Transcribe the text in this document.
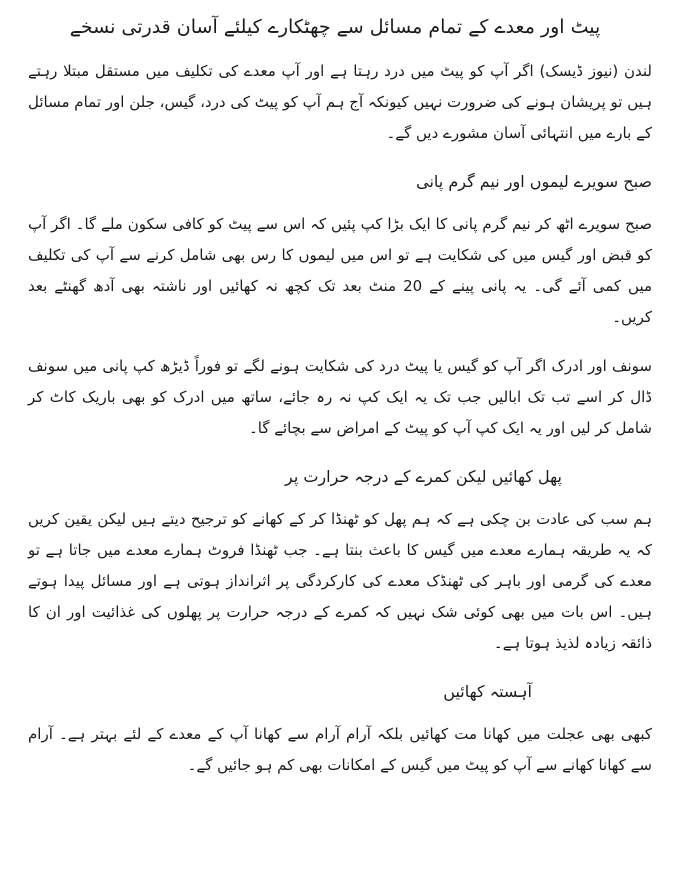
پیٹ اور معدے کے تمام مسائل سے چھٹکارے کیلئے آسان قدرتی نسخے

لندن (نیوز ڈیسک) اگر آپ کو پیٹ میں درد رہتا ہے اور آپ معدے کی تکلیف میں مستقل مبتلا رہتے ہیں تو پریشان ہونے کی ضرورت نہیں کیونکہ آج ہم آپ کو پیٹ کی درد، گیس، جلن اور تمام مسائل کے بارے میں انتہائی آسان مشورے دیں گے۔

صبح سویرے لیموں اور نیم گرم پانی

صبح سویرے اٹھ کر نیم گرم پانی کا ایک بڑا کپ پئیں کہ اس سے پیٹ کو کافی سکون ملے گا۔ اگر آپ کو قبض اور گیس میں کی شکایت ہے تو اس میں لیموں کا رس بھی شامل کرنے سے آپ کی تکلیف میں کمی آئے گی۔ یہ پانی پینے کے 20 منٹ بعد تک کچھ نہ کھائیں اور ناشتہ بھی آدھ گھنٹے بعد کریں۔

سونف اور ادرک اگر آپ کو گیس یا پیٹ درد کی شکایت ہونے لگے تو فوراً ڈیڑھ کپ پانی میں سونف ڈال کر اسے تب تک ابالیں جب تک یہ ایک کپ نہ رہ جائے، ساتھ میں ادرک کو بھی باریک کاٹ کر شامل کر لیں اور یہ ایک کپ آپ کو پیٹ کے امراض سے بچائے گا۔

پھل کھائیں لیکن کمرے کے درجہ حرارت پر

ہم سب کی عادت بن چکی ہے کہ ہم پھل کو ٹھنڈا کر کے کھانے کو ترجیح دیتے ہیں لیکن یقین کریں کہ یہ طریقہ ہمارے معدے میں گیس کا باعث بنتا ہے۔ جب ٹھنڈا فروٹ ہمارے معدے میں جاتا ہے تو معدے کی گرمی اور باہر کی ٹھنڈک معدے کی کارکردگی پر اثرانداز ہوتی ہے اور مسائل پیدا ہوتے ہیں۔ اس بات میں بھی کوئی شک نہیں کہ کمرے کے درجہ حرارت پر پھلوں کی غذائیت اور ان کا ذائقہ زیادہ لذیذ ہوتا ہے۔

آہستہ کھائیں

کبھی بھی عجلت میں کھانا مت کھائیں بلکہ آرام آرام سے کھانا آپ کے معدے کے لئے بہتر ہے۔ آرام سے کھانا کھانے سے آپ کو پیٹ میں گیس کے امکانات بھی کم ہو جائیں گے۔
